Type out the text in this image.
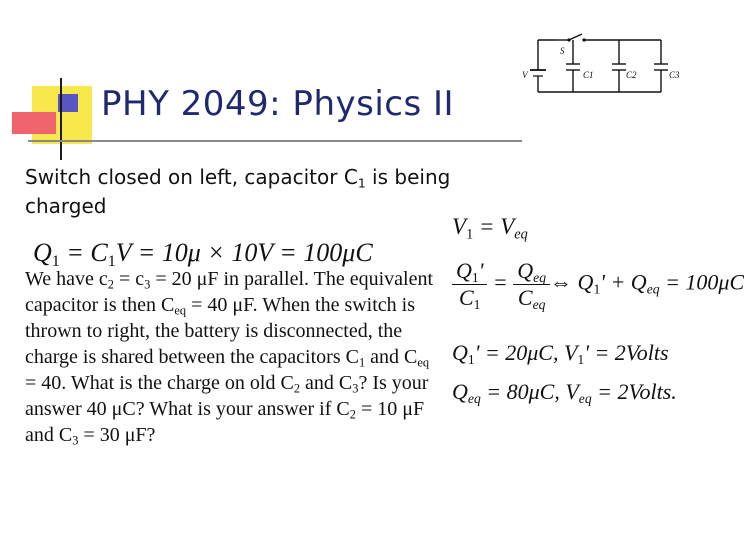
PHY 2049: Physics II
S
V	C1	C2	C3
Switch closed on left, capacitor $C_1$ is being charged
$Q_1 = C_1V = 10\mu \times 10V = 100\mu C$
We have $c_2 = c_3 = 20$ μF in parallel. The equivalent capacitor is then $C_{eq} = 40$ μF. When the switch is thrown to right, the battery is disconnected, the charge is shared between the capacitors $C_1$ and $C_{eq} = 40$. What is the charge on old $C_2$ and $C_3$? Is your answer 40 μC? What is your answer if $C_2 = 10$ μF and $C_3 = 30$ μF?
$V_1 = V_{eq}$
$\frac{Q_1'}{C_1} = \frac{Q_{eq}}{C_{eq}}$ ⇔ $Q_1' + Q_{eq} = 100\mu C$
$Q_1' = 20\mu C$, $V_1'$ = 2Volts
$Q_{eq} = 80\mu C$, $V_{eq}$ = 2Volts.
